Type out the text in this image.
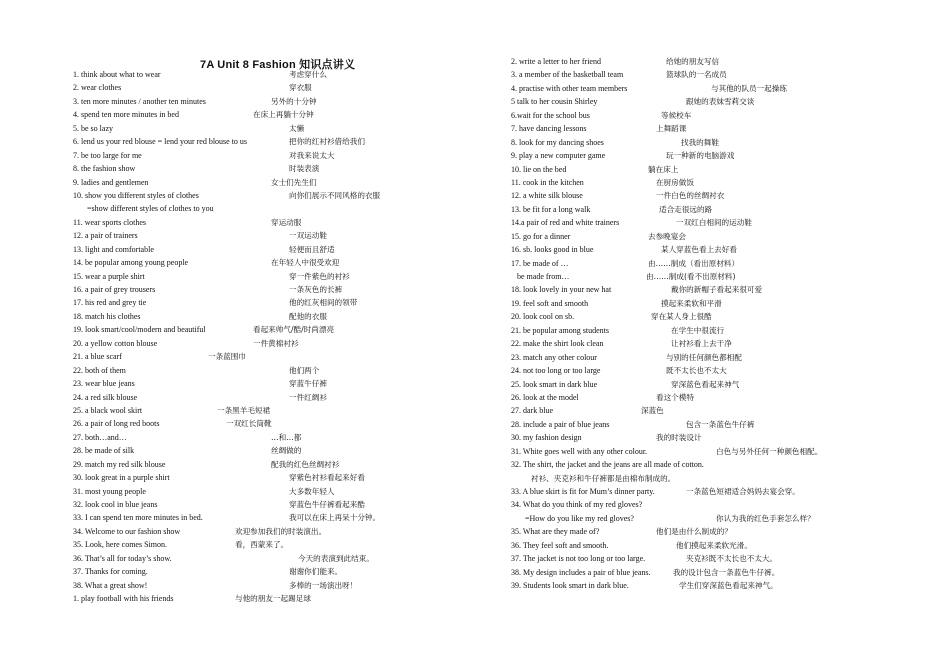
7A Unit 8 Fashion 知识点讲义
1. think about what to wear	考虑穿什么
2. wear clothes	穿衣服
3. ten more minutes / another ten minutes	另外的十分钟
4. spend ten more minutes in bed	在床上再躺十分钟
5. be so lazy	太懒
6. lend us your red blouse = lend your red blouse to us	把你的红衬衫借给我们
7. be too large for me	对我来说太大
8. the fashion show	时装表演
9. ladies and gentlemen	女士们先生们
10. show you different styles of clothes	向你们展示不同风格的衣服
=show different styles of clothes to you
11. wear sports clothes	穿运动服
12. a pair of trainers	一双运动鞋
13. light and comfortable	轻便而且舒适
14. be popular among young people	在年轻人中很受欢迎
15. wear a purple shirt	穿一件紫色的衬衫
16. a pair of grey trousers	一条灰色的长裤
17. his red and grey tie	他的红灰相间的领带
18. match his clothes	配他的衣服
19. look smart/cool/modern and beautiful	看起来帅气/酷/时尚漂亮
20. a yellow cotton blouse	一件黄棉衬衫
21. a blue scarf	一条蓝围巾
22. both of them	他们两个
23. wear blue jeans	穿蓝牛仔裤
24. a red silk blouse	一件红绸衫
25. a black wool skirt	一条黑羊毛短裙
26. a pair of long red boots	一双红长筒靴
27. both…and…	…和…都
28. be made of silk	丝绸做的
29. match my red silk blouse	配我的红色丝绸衬衫
30. look great in a purple shirt	穿紫色衬衫看起来好看
31. most young people	大多数年轻人
32. look cool in blue jeans	穿蓝色牛仔裤看起来酷
33. I can spend ten more minutes in bed.	我可以在床上再呆十分钟。
34. Welcome to our fashion show	欢迎参加我们的时装演出。
35. Look, here comes Simon.	看，西蒙来了。
36. That’s all for today’s show.	今天的表演到此结束。
37. Thanks for coming.	谢谢你们能来。
38. What a great show!	多棒的一场演出呀！
1. play football with his friends	与他的朋友一起踢足球
2. write a letter to her friend	给她的朋友写信
3. a member of the basketball team	篮球队的一名成员
4. practise with other team members	与其他的队员一起操练
5 talk to her cousin Shirley	跟她的表妹雪莉交谈
6.wait for the school bus	等候校车
7. have dancing lessons	上舞蹈课
8. look for my dancing shoes	找我的舞鞋
9. play a new computer game	玩一种新的电脑游戏
10. lie on the bed	躺在床上
11. cook in the kitchen	在厨房做饭
12. a white silk blouse	一件白色的丝绸衬衣
13. be fit for a long walk	适合走很远的路
14.a pair of red and white trainers	一双红白相间的运动鞋
15. go for a dinner	去参晚宴会
16. sb. looks good in blue	某人穿蓝色看上去好看
17. be made of …	由……制成（看出原材料）
be made from…	由……制成(看不出原材料)
18. look lovely in your new hat	戴你的新帽子看起来很可爱
19. feel soft and smooth	摸起来柔软和平滑
20. look cool on sb.	穿在某人身上很酷
21. be popular among students	在学生中很流行
22. make the shirt look clean	让衬衫看上去干净
23. match any other colour	与别的任何颜色都相配
24. not too long or too large	既不太长也不太大
25. look smart in dark blue	穿深蓝色看起来神气
26. look at the model	看这个模特
27. dark blue	深蓝色
28. include a pair of blue jeans	包含一条蓝色牛仔裤
30. my fashion design	我的时装设计
31. White goes well with any other colour.	白色与另外任何一种颜色相配。
32. The shirt, the jacket and the jeans are all made of cotton.
衬衫、夹克衫和牛仔裤都是由棉布制成的。
33. A blue skirt is fit for Mum’s dinner party.	一条蓝色短裙适合妈妈去宴会穿。
34. What do you think of my red gloves?
=How do you like my red gloves?	你认为我的红色手套怎么样？
35. What are they made of?	他们是由什么制成的？
36. They feel soft and smooth.	他们摸起来柔软光滑。
37. The jacket is not too long or too large.	夹克衫既不太长也不太大。
38. My design includes a pair of blue jeans.	我的设计包含一条蓝色牛仔裤。
39. Students look smart in dark blue.	学生们穿深蓝色看起来神气。
